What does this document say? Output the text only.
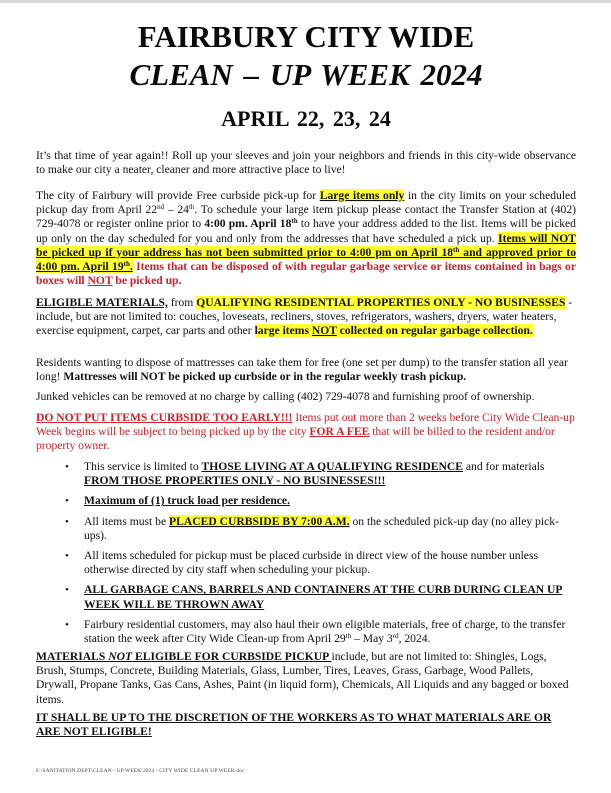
FAIRBURY CITY WIDE
CLEAN – UP WEEK 2024
APRIL 22, 23, 24
It’s that time of year again!! Roll up your sleeves and join your neighbors and friends in this city-wide observance to make our city a neater, cleaner and more attractive place to live!
The city of Fairbury will provide Free curbside pick-up for Large items only in the city limits on your scheduled pickup day from April 22nd – 24th. To schedule your large item pickup please contact the Transfer Station at (402) 729-4078 or register online prior to 4:00 pm. April 18th to have your address added to the list. Items will be picked up only on the day scheduled for you and only from the addresses that have scheduled a pick up. Items will NOT be picked up if your address has not been submitted prior to 4:00 pm on April 18th and approved prior to 4:00 pm. April 19th. Items that can be disposed of with regular garbage service or items contained in bags or boxes will NOT be picked up.
ELIGIBLE MATERIALS, from QUALIFYING RESIDENTIAL PROPERTIES ONLY - NO BUSINESSES - include, but are not limited to: couches, loveseats, recliners, stoves, refrigerators, washers, dryers, water heaters, exercise equipment, carpet, car parts and other large items NOT collected on regular garbage collection.
Residents wanting to dispose of mattresses can take them for free (one set per dump) to the transfer station all year long! Mattresses will NOT be picked up curbside or in the regular weekly trash pickup.
Junked vehicles can be removed at no charge by calling (402) 729-4078 and furnishing proof of ownership.
DO NOT PUT ITEMS CURBSIDE TOO EARLY!!! Items put out more than 2 weeks before City Wide Clean-up Week begins will be subject to being picked up by the city FOR A FEE that will be billed to the resident and/or property owner.
• This service is limited to THOSE LIVING AT A QUALIFYING RESIDENCE and for materials FROM THOSE PROPERTIES ONLY - NO BUSINESSES!!!
• Maximum of (1) truck load per residence.
• All items must be PLACED CURBSIDE BY 7:00 A.M. on the scheduled pick-up day (no alley pick-ups).
• All items scheduled for pickup must be placed curbside in direct view of the house number unless otherwise directed by city staff when scheduling your pickup.
• ALL GARBAGE CANS, BARRELS AND CONTAINERS AT THE CURB DURING CLEAN UP WEEK WILL BE THROWN AWAY
• Fairbury residential customers, may also haul their own eligible materials, free of charge, to the transfer station the week after City Wide Clean-up from April 29th – May 3rd, 2024.
MATERIALS NOT ELIGIBLE FOR CURBSIDE PICKUP include, but are not limited to: Shingles, Logs, Brush, Stumps, Concrete, Building Materials, Glass, Lumber, Tires, Leaves, Grass, Garbage, Wood Pallets, Drywall, Propane Tanks, Gas Cans, Ashes, Paint (in liquid form), Chemicals, All Liquids and any bagged or boxed items.
IT SHALL BE UP TO THE DISCRETION OF THE WORKERS AS TO WHAT MATERIALS ARE OR ARE NOT ELIGIBLE!
F:\SANITATION DEPT\CLEAN - UP WEEK\2024 - CITY WIDE CLEAN UP WEEK.doc
